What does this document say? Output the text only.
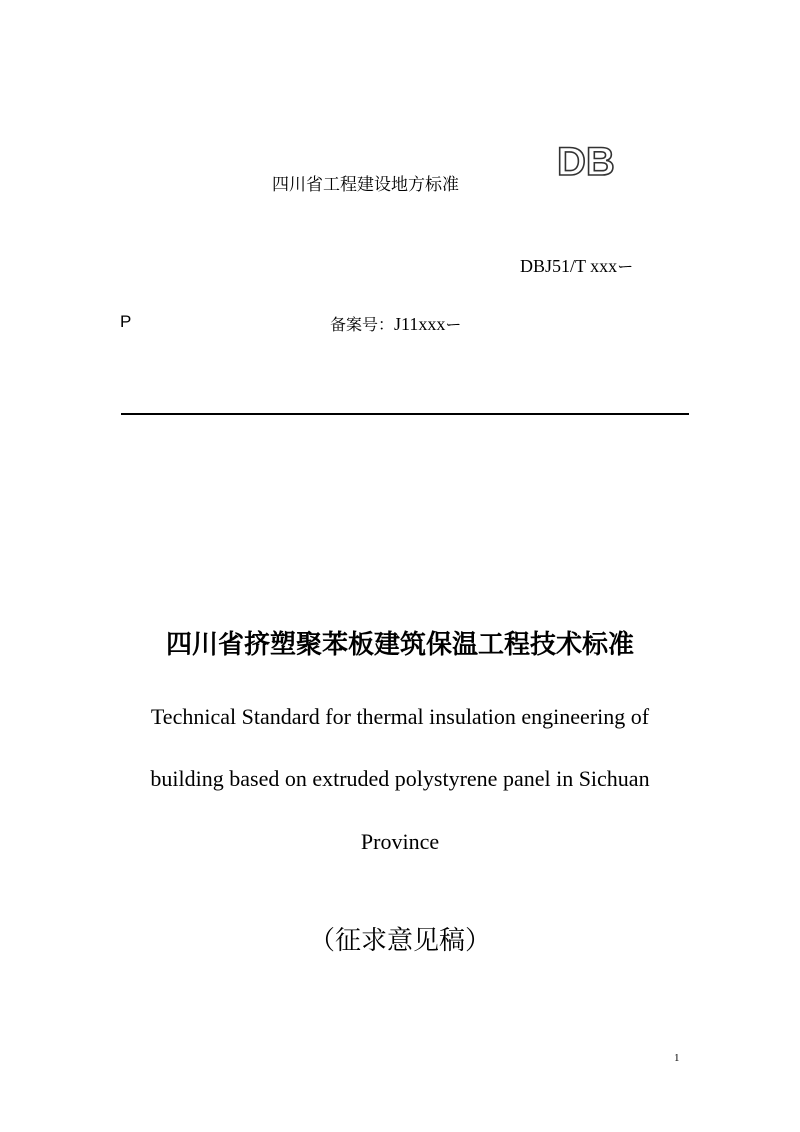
四川省工程建设地方标准
DB
DBJ51/T xxxー
P	备案号：J11xxxー
四川省挤塑聚苯板建筑保温工程技术标准
Technical Standard for thermal insulation engineering of
building based on extruded polystyrene panel in Sichuan
Province
（征求意见稿）
1
